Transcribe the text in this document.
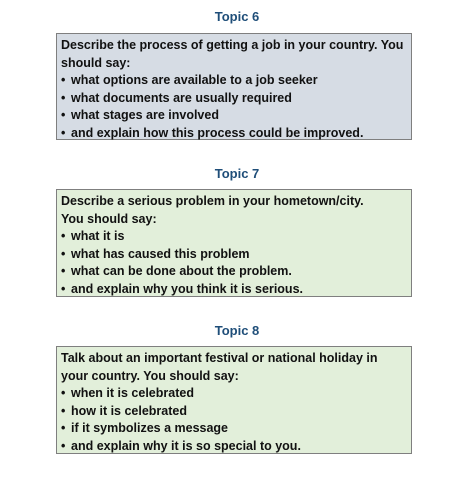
Topic 6
Describe the process of getting a job in your country. You should say:
• what options are available to a job seeker
• what documents are usually required
• what stages are involved
• and explain how this process could be improved.
Topic 7
Describe a serious problem in your hometown/city.
You should say:
• what it is
• what has caused this problem
• what can be done about the problem.
• and explain why you think it is serious.
Topic 8
Talk about an important festival or national holiday in your country. You should say:
• when it is celebrated
• how it is celebrated
• if it symbolizes a message
• and explain why it is so special to you.
